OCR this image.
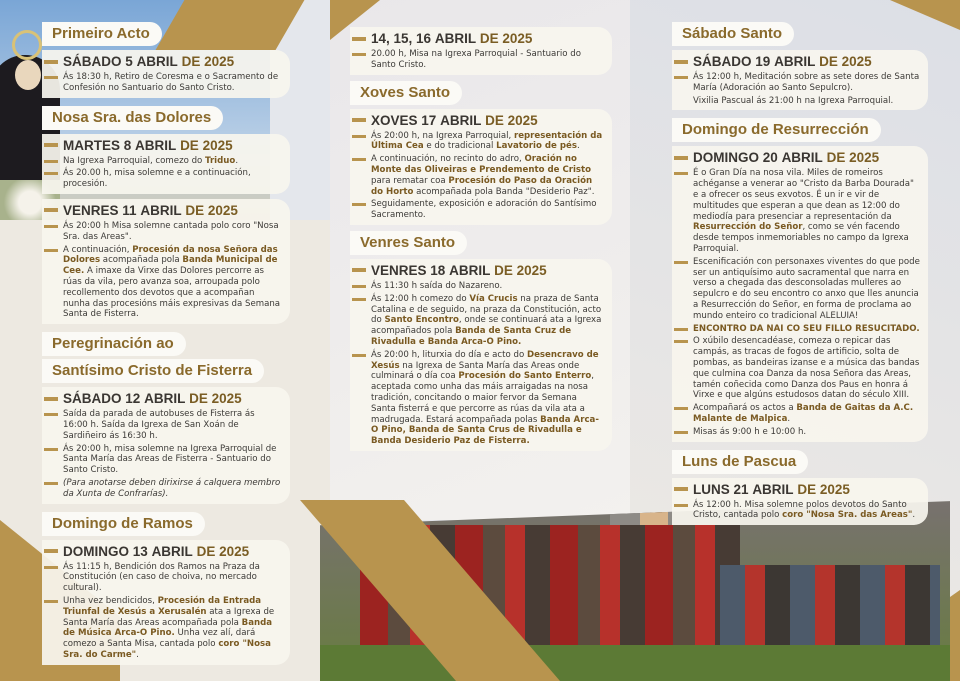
Primeiro Acto
SÁBADO
5
ABRIL
DE 2025
Ás 18:30 h, Retiro de Coresma e o Sacramento de Confesión no Santuario do Santo Cristo.
Nosa Sra. das Dolores
MARTES
8
ABRIL
DE 2025
Na Igrexa Parroquial, comezo do Triduo.
Ás 20.00 h, misa solemne e a continuación, procesión.
VENRES
11
ABRIL
DE 2025
Ás 20:00 h Misa solemne cantada polo coro "Nosa Sra. das Areas".
A continuación, Procesión da nosa Señora das Dolores acompañada pola Banda Municipal de Cee. A imaxe da Virxe das Dolores percorre as rúas da vila, pero avanza soa, arroupada polo recollemento dos devotos que a acompañan nunha das procesións máis expresivas da Semana Santa de Fisterra.
Peregrinación ao
Santísimo Cristo de Fisterra
SÁBADO
12
ABRIL
DE 2025
Saída da parada de autobuses de Fisterra ás 16:00 h. Saída da Igrexa de San Xoán de Sardiñeiro ás 16:30 h.
Ás 20:00 h, misa solemne na Igrexa Parroquial de Santa María das Areas de Fisterra - Santuario do Santo Cristo.
(Para anotarse deben dirixirse á calquera membro da Xunta de Confrarías).
Domingo de Ramos
DOMINGO
13
ABRIL
DE 2025
Ás 11:15 h, Bendición dos Ramos na Praza da Constitución (en caso de choiva, no mercado cultural).
Unha vez bendicidos, Procesión da Entrada Triunfal de Xesús a Xerusalén ata a Igrexa de Santa María das Areas acompañada pola Banda de Música Arca-O Pino. Unha vez alí, dará comezo a Santa Misa, cantada polo coro "Nosa Sra. do Carme".
14, 15, 16
ABRIL
DE 2025
20.00 h, Misa na Igrexa Parroquial - Santuario do Santo Cristo.
Xoves Santo
XOVES
17
ABRIL
DE 2025
Ás 20:00 h, na Igrexa Parroquial, representación da Última Cea e do tradicional Lavatorio de pés.
A continuación, no recinto do adro, Oración no Monte das Oliveiras e Prendemento de Cristo para rematar coa Procesión do Paso da Oración do Horto acompañada pola Banda "Desiderio Paz".
Seguidamente, exposición e adoración do Santísimo Sacramento.
Venres Santo
VENRES
18
ABRIL
DE 2025
Ás 11:30 h saída do Nazareno.
Ás 12:00 h comezo do Vía Crucis na praza de Santa Catalina e de seguido, na praza da Constitución, acto do Santo Encontro, onde se continuará ata a Igrexa acompañados pola Banda de Santa Cruz de Rivadulla e Banda Arca-O Pino.
Ás 20:00 h, liturxia do día e acto do Desencravo de Xesús na Igrexa de Santa María das Areas onde culminará o día coa Procesión do Santo Enterro, aceptada como unha das máis arraigadas na nosa tradición, concitando o maior fervor da Semana Santa fisterrá e que percorre as rúas da vila ata a madrugada. Estará acompañada polas Banda Arca-O Pino, Banda de Santa Crus de Rivadulla e Banda Desiderio Paz de Fisterra.
Sábado Santo
SÁBADO
19
ABRIL
DE 2025
Ás 12:00 h, Meditación sobre as sete dores de Santa María (Adoración ao Santo Sepulcro).
Vixilia Pascual ás 21:00 h na Igrexa Parroquial.
Domingo de Resurrección
DOMINGO
20
ABRIL
DE 2025
É o Gran Día na nosa vila. Miles de romeiros achéganse a venerar ao "Cristo da Barba Dourada" e a ofrecer os seus exvotos. É un ir e vir de multitudes que esperan a que dean as 12:00 do mediodía para presenciar a representación da Resurrección do Señor, como se vén facendo desde tempos inmemoriables no campo da Igrexa Parroquial.
Escenificación con personaxes viventes do que pode ser un antiquísimo auto sacramental que narra en verso a chegada das desconsoladas mulleres ao sepulcro e do seu encontro co anxo que lles anuncia a Resurrección do Señor, en forma de proclama ao mundo enteiro co tradicional ALELUIA!
ENCONTRO DA NAI CO SEU FILLO RESUCITADO.
O xúbilo desencadéase, comeza o repicar das campás, as tracas de fogos de artificio, solta de pombas, as bandeiras izanse e a música das bandas que culmina coa Danza da nosa Señora das Areas, tamén coñecida como Danza dos Paus en honra á Virxe e que algúns estudosos datan do século XIII.
Acompañará os actos a Banda de Gaitas da A.C. Malante de Malpica.
Misas ás 9:00 h e 10:00 h.
Luns de Pascua
LUNS
21
ABRIL
DE 2025
Ás 12:00 h. Misa solemne polos devotos do Santo Cristo, cantada polo coro "Nosa Sra. das Areas".
